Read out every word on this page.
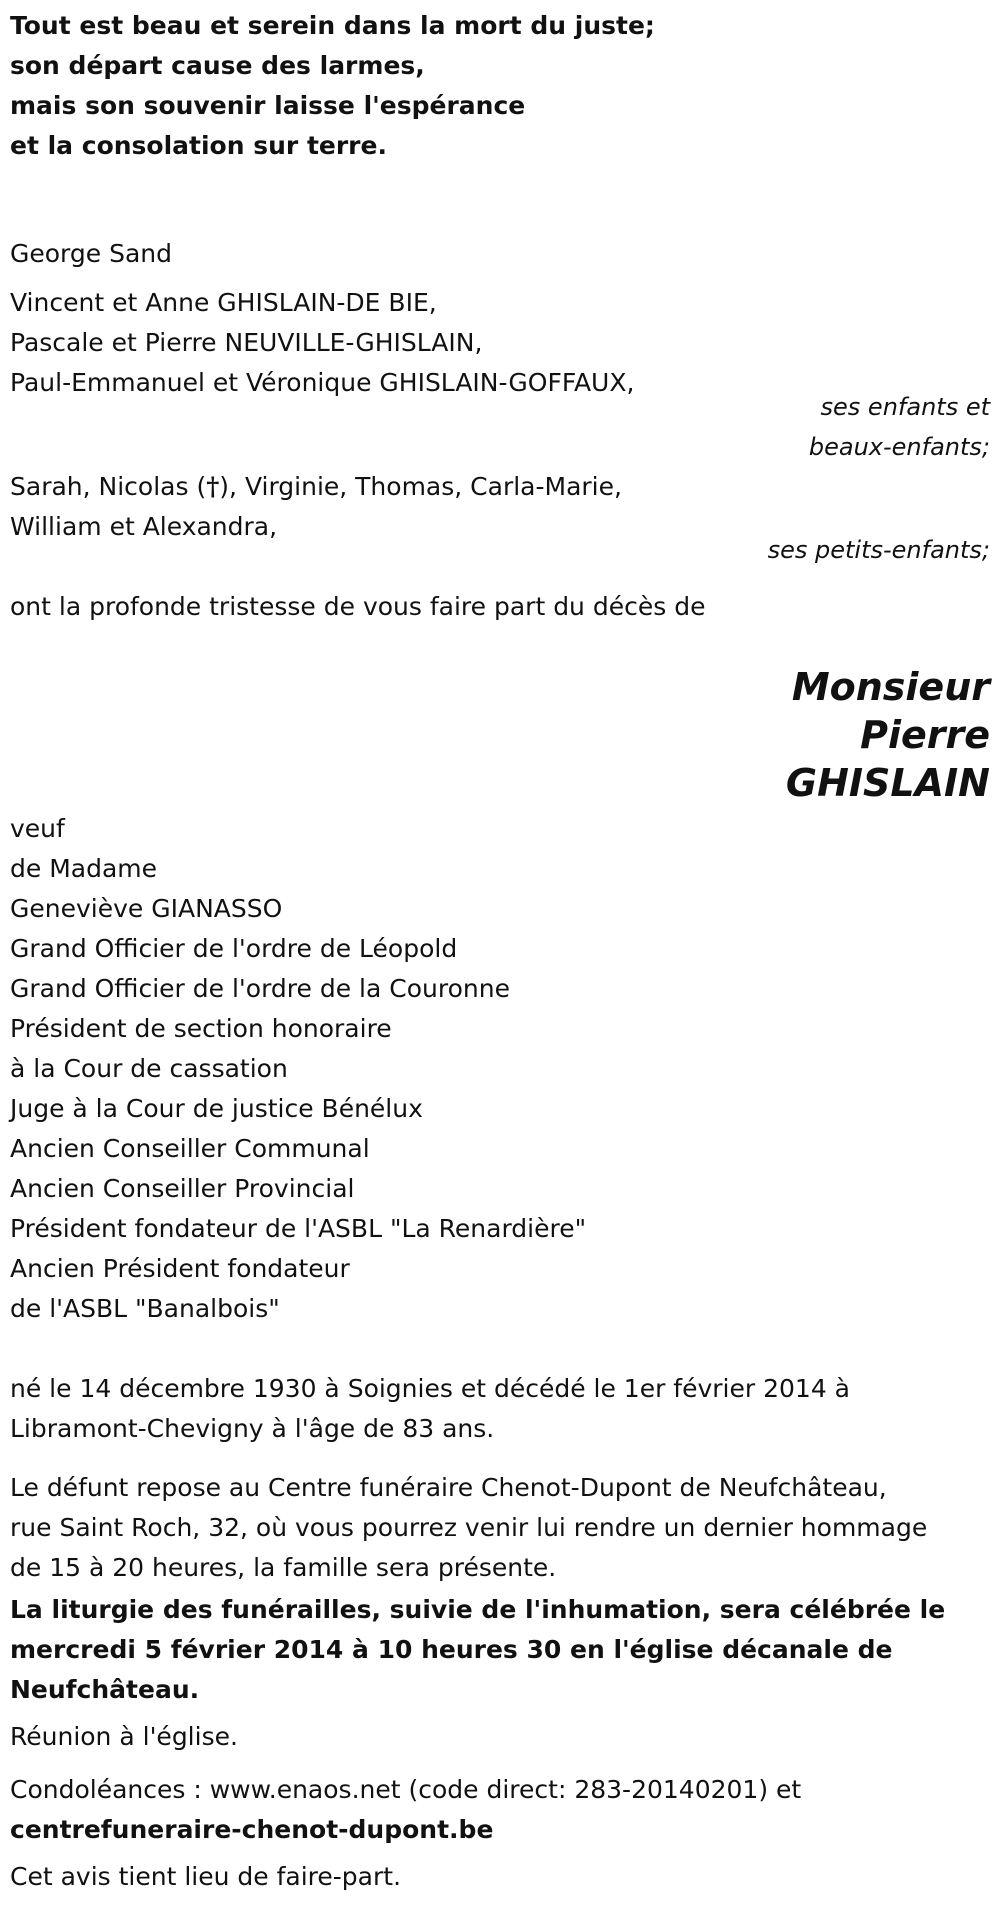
Tout est beau et serein dans la mort du juste;
son départ cause des larmes,
mais son souvenir laisse l'espérance
et la consolation sur terre.
George Sand
Vincent et Anne GHISLAIN-DE BIE,
Pascale et Pierre NEUVILLE-GHISLAIN,
Paul-Emmanuel et Véronique GHISLAIN-GOFFAUX,
ses enfants et
beaux-enfants;
Sarah, Nicolas (†), Virginie, Thomas, Carla-Marie,
William et Alexandra,
ses petits-enfants;
ont la profonde tristesse de vous faire part du décès de
Monsieur
Pierre
GHISLAIN
veuf
de Madame
Geneviève GIANASSO
Grand Officier de l'ordre de Léopold
Grand Officier de l'ordre de la Couronne
Président de section honoraire
à la Cour de cassation
Juge à la Cour de justice Bénélux
Ancien Conseiller Communal
Ancien Conseiller Provincial
Président fondateur de l'ASBL "La Renardière"
Ancien Président fondateur
de l'ASBL "Banalbois"
né le 14 décembre 1930 à Soignies et décédé le 1er février 2014 à
Libramont-Chevigny à l'âge de 83 ans.
Le défunt repose au Centre funéraire Chenot-Dupont de Neufchâteau,
rue Saint Roch, 32, où vous pourrez venir lui rendre un dernier hommage
de 15 à 20 heures, la famille sera présente.
La liturgie des funérailles, suivie de l'inhumation, sera célébrée le
mercredi 5 février 2014 à 10 heures 30 en l'église décanale de
Neufchâteau.
Réunion à l'église.
Condoléances : www.enaos.net (code direct: 283-20140201) et
centrefuneraire-chenot-dupont.be
Cet avis tient lieu de faire-part.
